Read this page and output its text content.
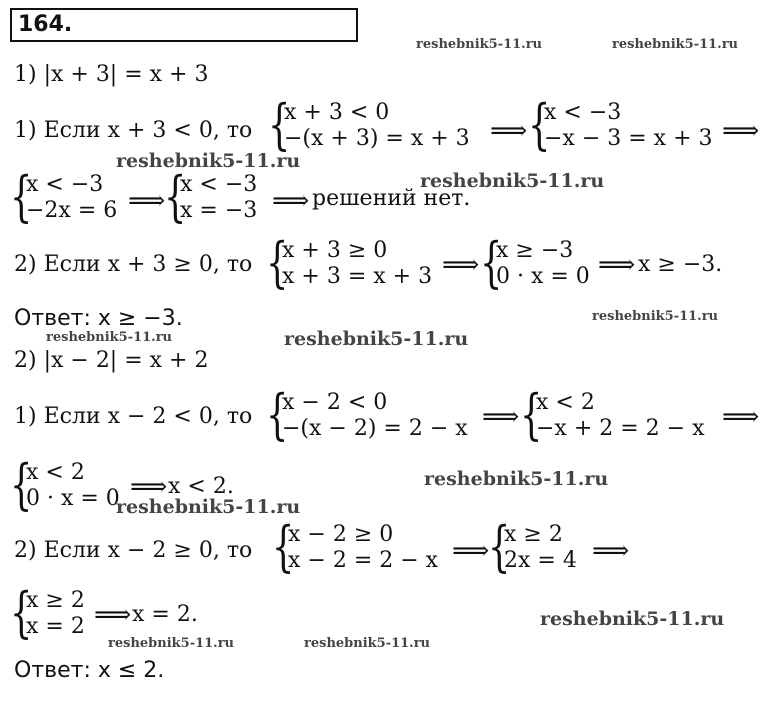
164.
reshebnik5-11.ru	reshebnik5-11.ru
reshebnik5-11.ru
reshebnik5-11.ru
reshebnik5-11.ru
reshebnik5-11.ru	reshebnik5-11.ru
reshebnik5-11.ru
reshebnik5-11.ru
reshebnik5-11.ru
reshebnik5-11.ru	reshebnik5-11.ru
1) |x + 3| = x + 3
1) Если x + 3 < 0, то {
x + 3 < 0
−(x + 3) = x + 3 ⟹ {
x < −3
−x − 3 = x + 3 ⟹
{
x < −3
−2x = 6 ⟹
{
x < −3
x = −3 ⟹ решений нет.
2) Если x + 3 ≥ 0, то {
x + 3 ≥ 0
x + 3 = x + 3 ⟹ {
x ≥ −3
0 · x = 0 ⟹ x ≥ −3.
Ответ: x ≥ −3.
2) |x − 2| = x + 2
1) Если x − 2 < 0, то {
x − 2 < 0
−(x − 2) = 2 − x ⟹ {
x < 2
−x + 2 = 2 − x ⟹
{
x < 2
0 · x = 0 ⟹ x < 2.
2) Если x − 2 ≥ 0, то {
x − 2 ≥ 0
x − 2 = 2 − x ⟹
{
x ≥ 2
2x = 4 ⟹
{
x ≥ 2
x = 2 ⟹ x = 2.
Ответ: x ≤ 2.
